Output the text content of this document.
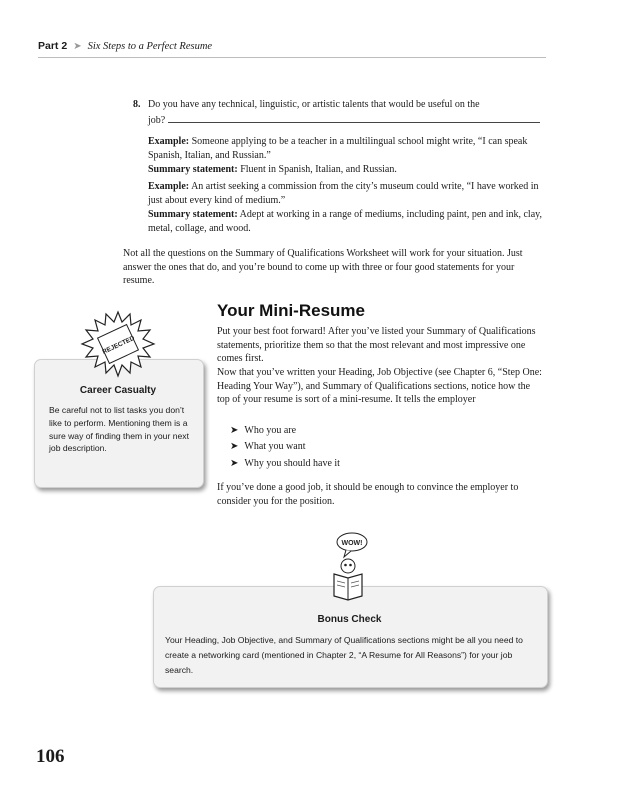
Part 2 ➤ Six Steps to a Perfect Resume
8. Do you have any technical, linguistic, or artistic talents that would be useful on the
job?
Example: Someone applying to be a teacher in a multilingual school might write, “I can speak Spanish, Italian, and Russian.”
Summary statement: Fluent in Spanish, Italian, and Russian.
Example: An artist seeking a commission from the city’s museum could write, “I have worked in just about every kind of medium.”
Summary statement: Adept at working in a range of mediums, including paint, pen and ink, clay, metal, collage, and wood.
Not all the questions on the Summary of Qualifications Worksheet will work for your situation. Just answer the ones that do, and you’re bound to come up with three or four good statements for your resume.
Your Mini-Resume
Put your best foot forward! After you’ve listed your Summary of Qualifications statements, prioritize them so that the most relevant and most impressive one comes first.
Now that you’ve written your Heading, Job Objective (see Chapter 6, “Step One: Heading Your Way”), and Summary of Qualifications sections, notice how the top of your resume is sort of a mini-resume. It tells the employer
➤ Who you are
➤ What you want
➤ Why you should have it
If you’ve done a good job, it should be enough to convince the employer to consider you for the position.
REJECTED
Career Casualty
Be careful not to list tasks you don’t like to perform. Mentioning them is a sure way of finding them in your next job description.
WOW!
Bonus Check
Your Heading, Job Objective, and Summary of Qualifications sections might be all you need to create a networking card (mentioned in Chapter 2, “A Resume for All Reasons”) for your job search.
106
